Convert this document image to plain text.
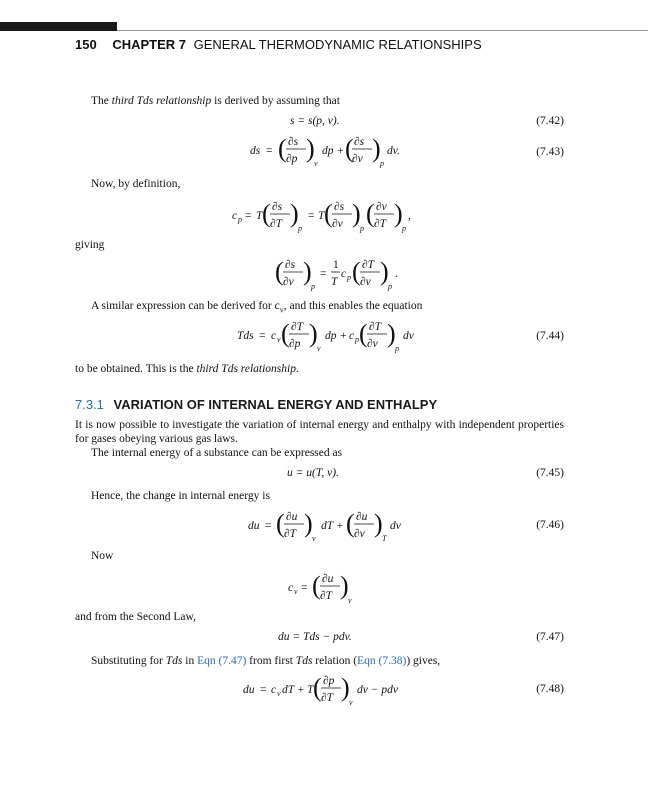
150 CHAPTER 7 GENERAL THERMODYNAMIC RELATIONSHIPS
The third Tds relationship is derived by assuming that
s = s(p, v).	(7.42)
ds = ( ∂s
∂p )
v
dp + ( ∂s
∂v )
p
dv.	(7.43)
Now, by definition,
c p = T ( ∂s
∂T )
p
= T ( ∂s
∂v )
p
( ∂v
∂T )
p
,
giving
( ∂s
∂v )
p
=
1
T
c p ( ∂T
∂v )
p
.
A similar expression can be derived for $c_v$, and this enables the equation
Tds = c v ( ∂T
∂p )
v
dp + c p ( ∂T
∂v )
p
dv	(7.44)
to be obtained. This is the third Tds relationship.
7.3.1 VARIATION OF INTERNAL ENERGY AND ENTHALPY
It is now possible to investigate the variation of internal energy and enthalpy with independent properties for gases obeying various gas laws.
The internal energy of a substance can be expressed as
u = u(T, v).	(7.45)
Hence, the change in internal energy is
du = ( ∂u
∂T )
v
dT + ( ∂u
∂v )
T
dv	(7.46)
Now
c v = ( ∂u
∂T )
v
and from the Second Law,
du = Tds − pdv.	(7.47)
Substituting for Tds in Eqn (7.47) from first Tds relation (Eqn (7.38)) gives,
du = c v dT + T ( ∂p
∂T )
v
dv − pdv	(7.48)
